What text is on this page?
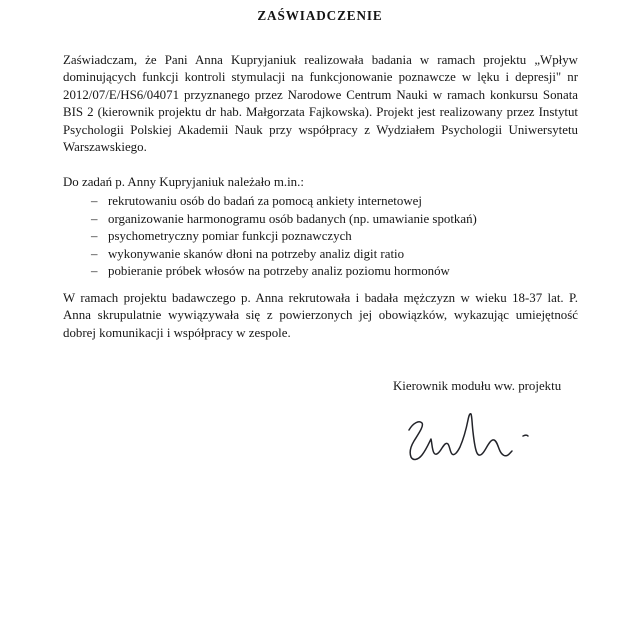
ZAŚWIADCZENIE

Zaświadczam, że Pani Anna Kupryjaniuk realizowała badania w ramach projektu „Wpływ dominujących funkcji kontroli stymulacji na funkcjonowanie poznawcze w lęku i depresji" nr 2012/07/E/HS6/04071 przyznanego przez Narodowe Centrum Nauki w ramach konkursu Sonata BIS 2 (kierownik projektu dr hab. Małgorzata Fajkowska). Projekt jest realizowany przez Instytut Psychologii Polskiej Akademii Nauk przy współpracy z Wydziałem Psychologii Uniwersytetu Warszawskiego.

Do zadań p. Anny Kupryjaniuk należało m.in.:

– rekrutowaniu osób do badań za pomocą ankiety internetowej
– organizowanie harmonogramu osób badanych (np. umawianie spotkań)
– psychometryczny pomiar funkcji poznawczych
– wykonywanie skanów dłoni na potrzeby analiz digit ratio
– pobieranie próbek włosów na potrzeby analiz poziomu hormonów

W ramach projektu badawczego p. Anna rekrutowała i badała mężczyzn w wieku 18-37 lat. P. Anna skrupulatnie wywiązywała się z powierzonych jej obowiązków, wykazując umiejętność dobrej komunikacji i współpracy w zespole.

Kierownik modułu ww. projektu
